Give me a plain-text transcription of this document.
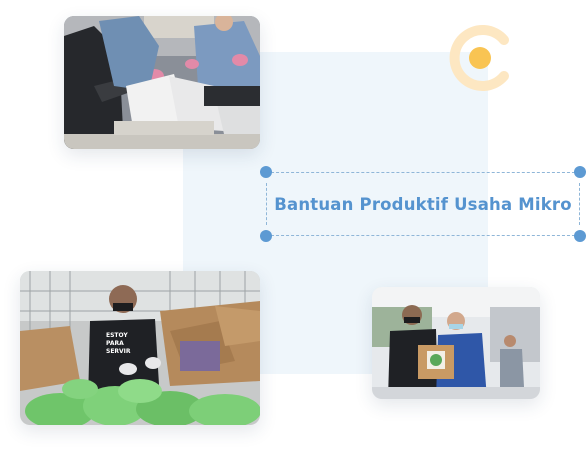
Bantuan Produktif Usaha Mikro
ESTOY
PARA
SERVIR
